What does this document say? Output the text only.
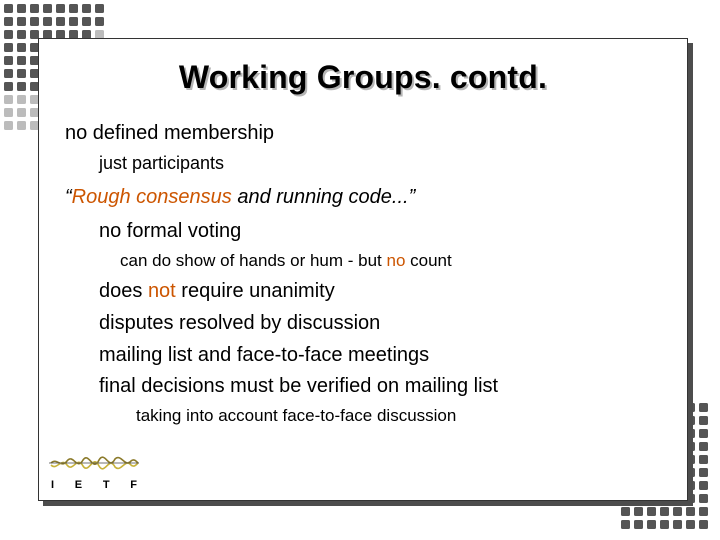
Working Groups. contd.
no defined membership
just participants
“Rough consensus and running code...”
no formal voting
can do show of hands or hum - but no count
does not require unanimity
disputes resolved by discussion
mailing list and face-to-face meetings
final decisions must be verified on mailing list
taking into account face-to-face discussion
I E T F
